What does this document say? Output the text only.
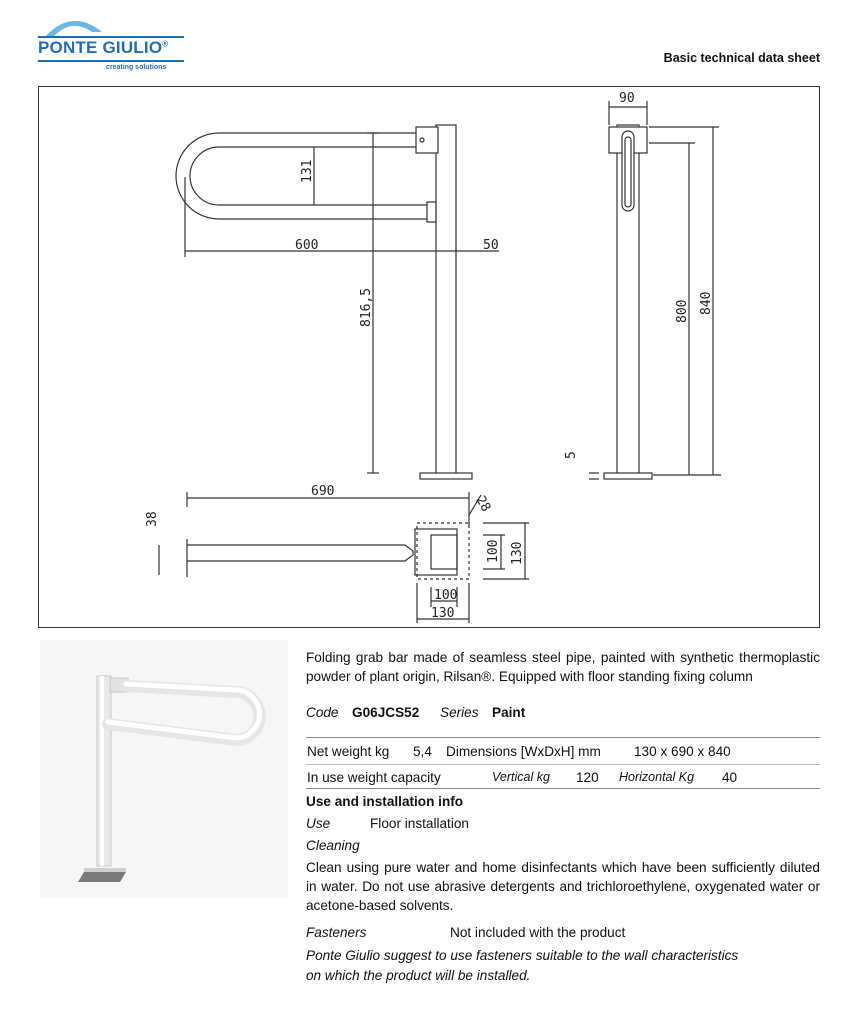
PONTE GIULIO®
creating solutions
Basic technical data sheet
600	50
131
816,5
90
800 840
5
690
38
28
100 130
100
130

Folding grab bar made of seamless steel pipe, painted with synthetic thermoplastic powder of plant origin, Rilsan®. Equipped with floor standing fixing column

Code G06JCS52 Series Paint
Net weight kg 5,4 Dimensions [WxDxH] mm 130 x 690 x 840
In use weight capacity	Vertical kg 120 Horizontal Kg 40
Use and installation info
Use	Floor installation
Cleaning

Clean using pure water and home disinfectants which have been sufficiently diluted in water. Do not use abrasive detergents and trichloroethylene, oxygenated water or acetone-based solvents.

Fasteners	Not included with the product
Ponte Giulio suggest to use fasteners suitable to the wall characteristics
on which the product will be installed.
